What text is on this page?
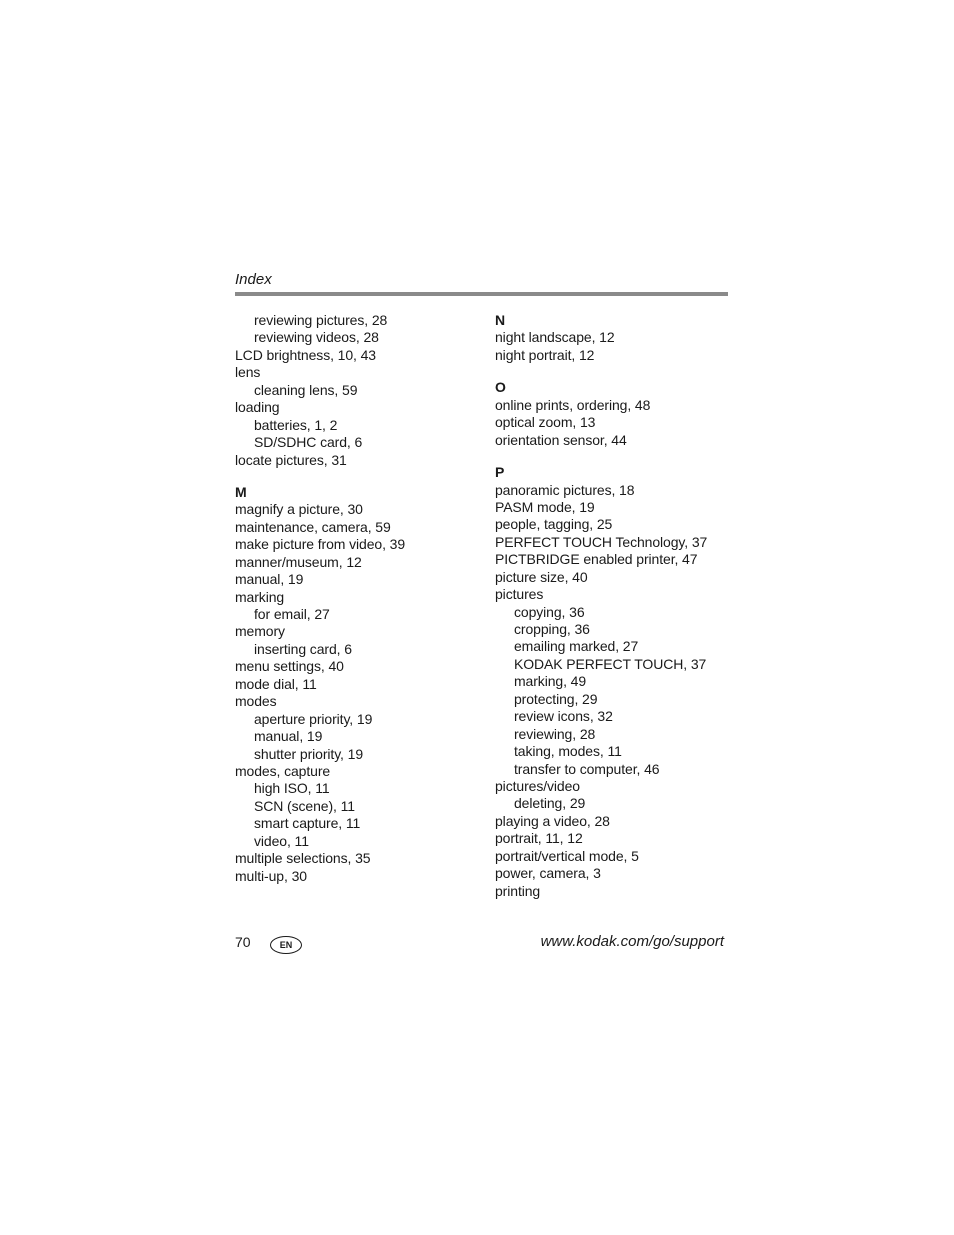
Index
reviewing pictures, 28
reviewing videos, 28
LCD brightness, 10, 43
lens
cleaning lens, 59
loading
batteries, 1, 2
SD/SDHC card, 6
locate pictures, 31
M
magnify a picture, 30
maintenance, camera, 59
make picture from video, 39
manner/museum, 12
manual, 19
marking
for email, 27
memory
inserting card, 6
menu settings, 40
mode dial, 11
modes
aperture priority, 19
manual, 19
shutter priority, 19
modes, capture
high ISO, 11
SCN (scene), 11
smart capture, 11
video, 11
multiple selections, 35
multi-up, 30
N
night landscape, 12
night portrait, 12
O
online prints, ordering, 48
optical zoom, 13
orientation sensor, 44
P
panoramic pictures, 18
PASM mode, 19
people, tagging, 25
PERFECT TOUCH Technology, 37
PICTBRIDGE enabled printer, 47
picture size, 40
pictures
copying, 36
cropping, 36
emailing marked, 27
KODAK PERFECT TOUCH, 37
marking, 49
protecting, 29
review icons, 32
reviewing, 28
taking, modes, 11
transfer to computer, 46
pictures/video
deleting, 29
playing a video, 28
portrait, 11, 12
portrait/vertical mode, 5
power, camera, 3
printing
70	EN	www.kodak.com/go/support
